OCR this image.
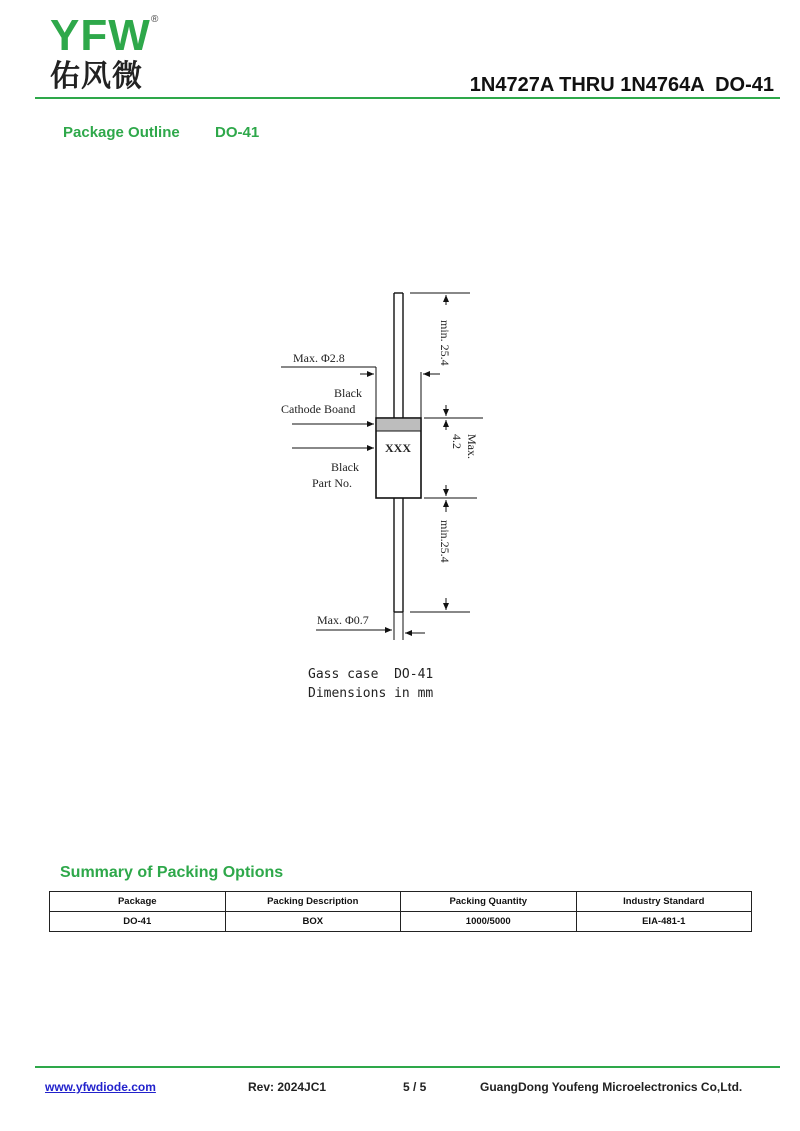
YFW ®
佑风微	1N4727A THRU 1N4764A  DO-41
Package Outline DO-41
XXX
min. 25.4
Max.
4.2
min.25.4
Max. Φ2.8
Black
Cathode Boand
Black
Part No.
Max. Φ0.7
Gass case  DO-41
Dimensions in mm
Summary of Packing Options
Package	Packing Description	Packing Quantity	Industry Standard
DO-41	BOX	1000/5000	EIA-481-1
www.yfwdiode.com	Rev: 2024JC1	5 / 5	GuangDong Youfeng Microelectronics Co,Ltd.
